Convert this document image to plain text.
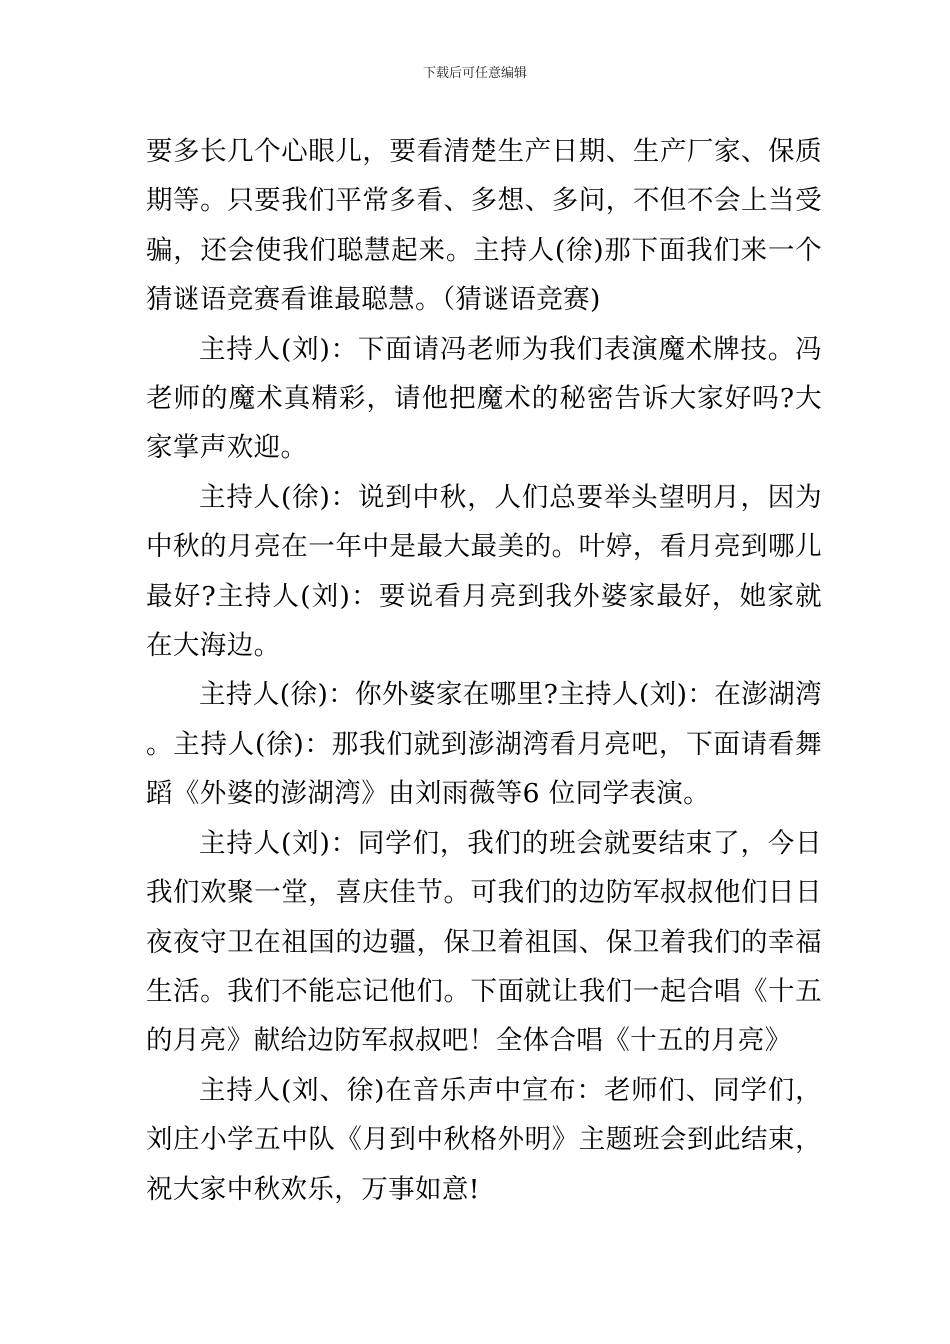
下载后可任意编辑

要多长几个心眼儿，要看清楚生产日期、生产厂家、保质期等。只要我们平常多看、多想、多问，不但不会上当受骗，还会使我们聪慧起来。主持人(徐)那下面我们来一个猜谜语竞赛看谁最聪慧。（猜谜语竞赛)

主持人(刘)：下面请冯老师为我们表演魔术牌技。冯老师的魔术真精彩，请他把魔术的秘密告诉大家好吗?大家掌声欢迎。

主持人(徐)：说到中秋，人们总要举头望明月，因为中秋的月亮在一年中是最大最美的。叶婷，看月亮到哪儿最好?主持人(刘)：要说看月亮到我外婆家最好，她家就在大海边。

主持人(徐)：你外婆家在哪里?主持人(刘)：在澎湖湾。主持人(徐)：那我们就到澎湖湾看月亮吧，下面请看舞蹈《外婆的澎湖湾》由刘雨薇等6 位同学表演。

主持人(刘)：同学们，我们的班会就要结束了，今日我们欢聚一堂，喜庆佳节。可我们的边防军叔叔他们日日夜夜守卫在祖国的边疆，保卫着祖国、保卫着我们的幸福生活。我们不能忘记他们。下面就让我们一起合唱《十五的月亮》献给边防军叔叔吧！全体合唱《十五的月亮》

主持人(刘、徐)在音乐声中宣布：老师们、同学们，刘庄小学五中队《月到中秋格外明》主题班会到此结束，祝大家中秋欢乐，万事如意!
